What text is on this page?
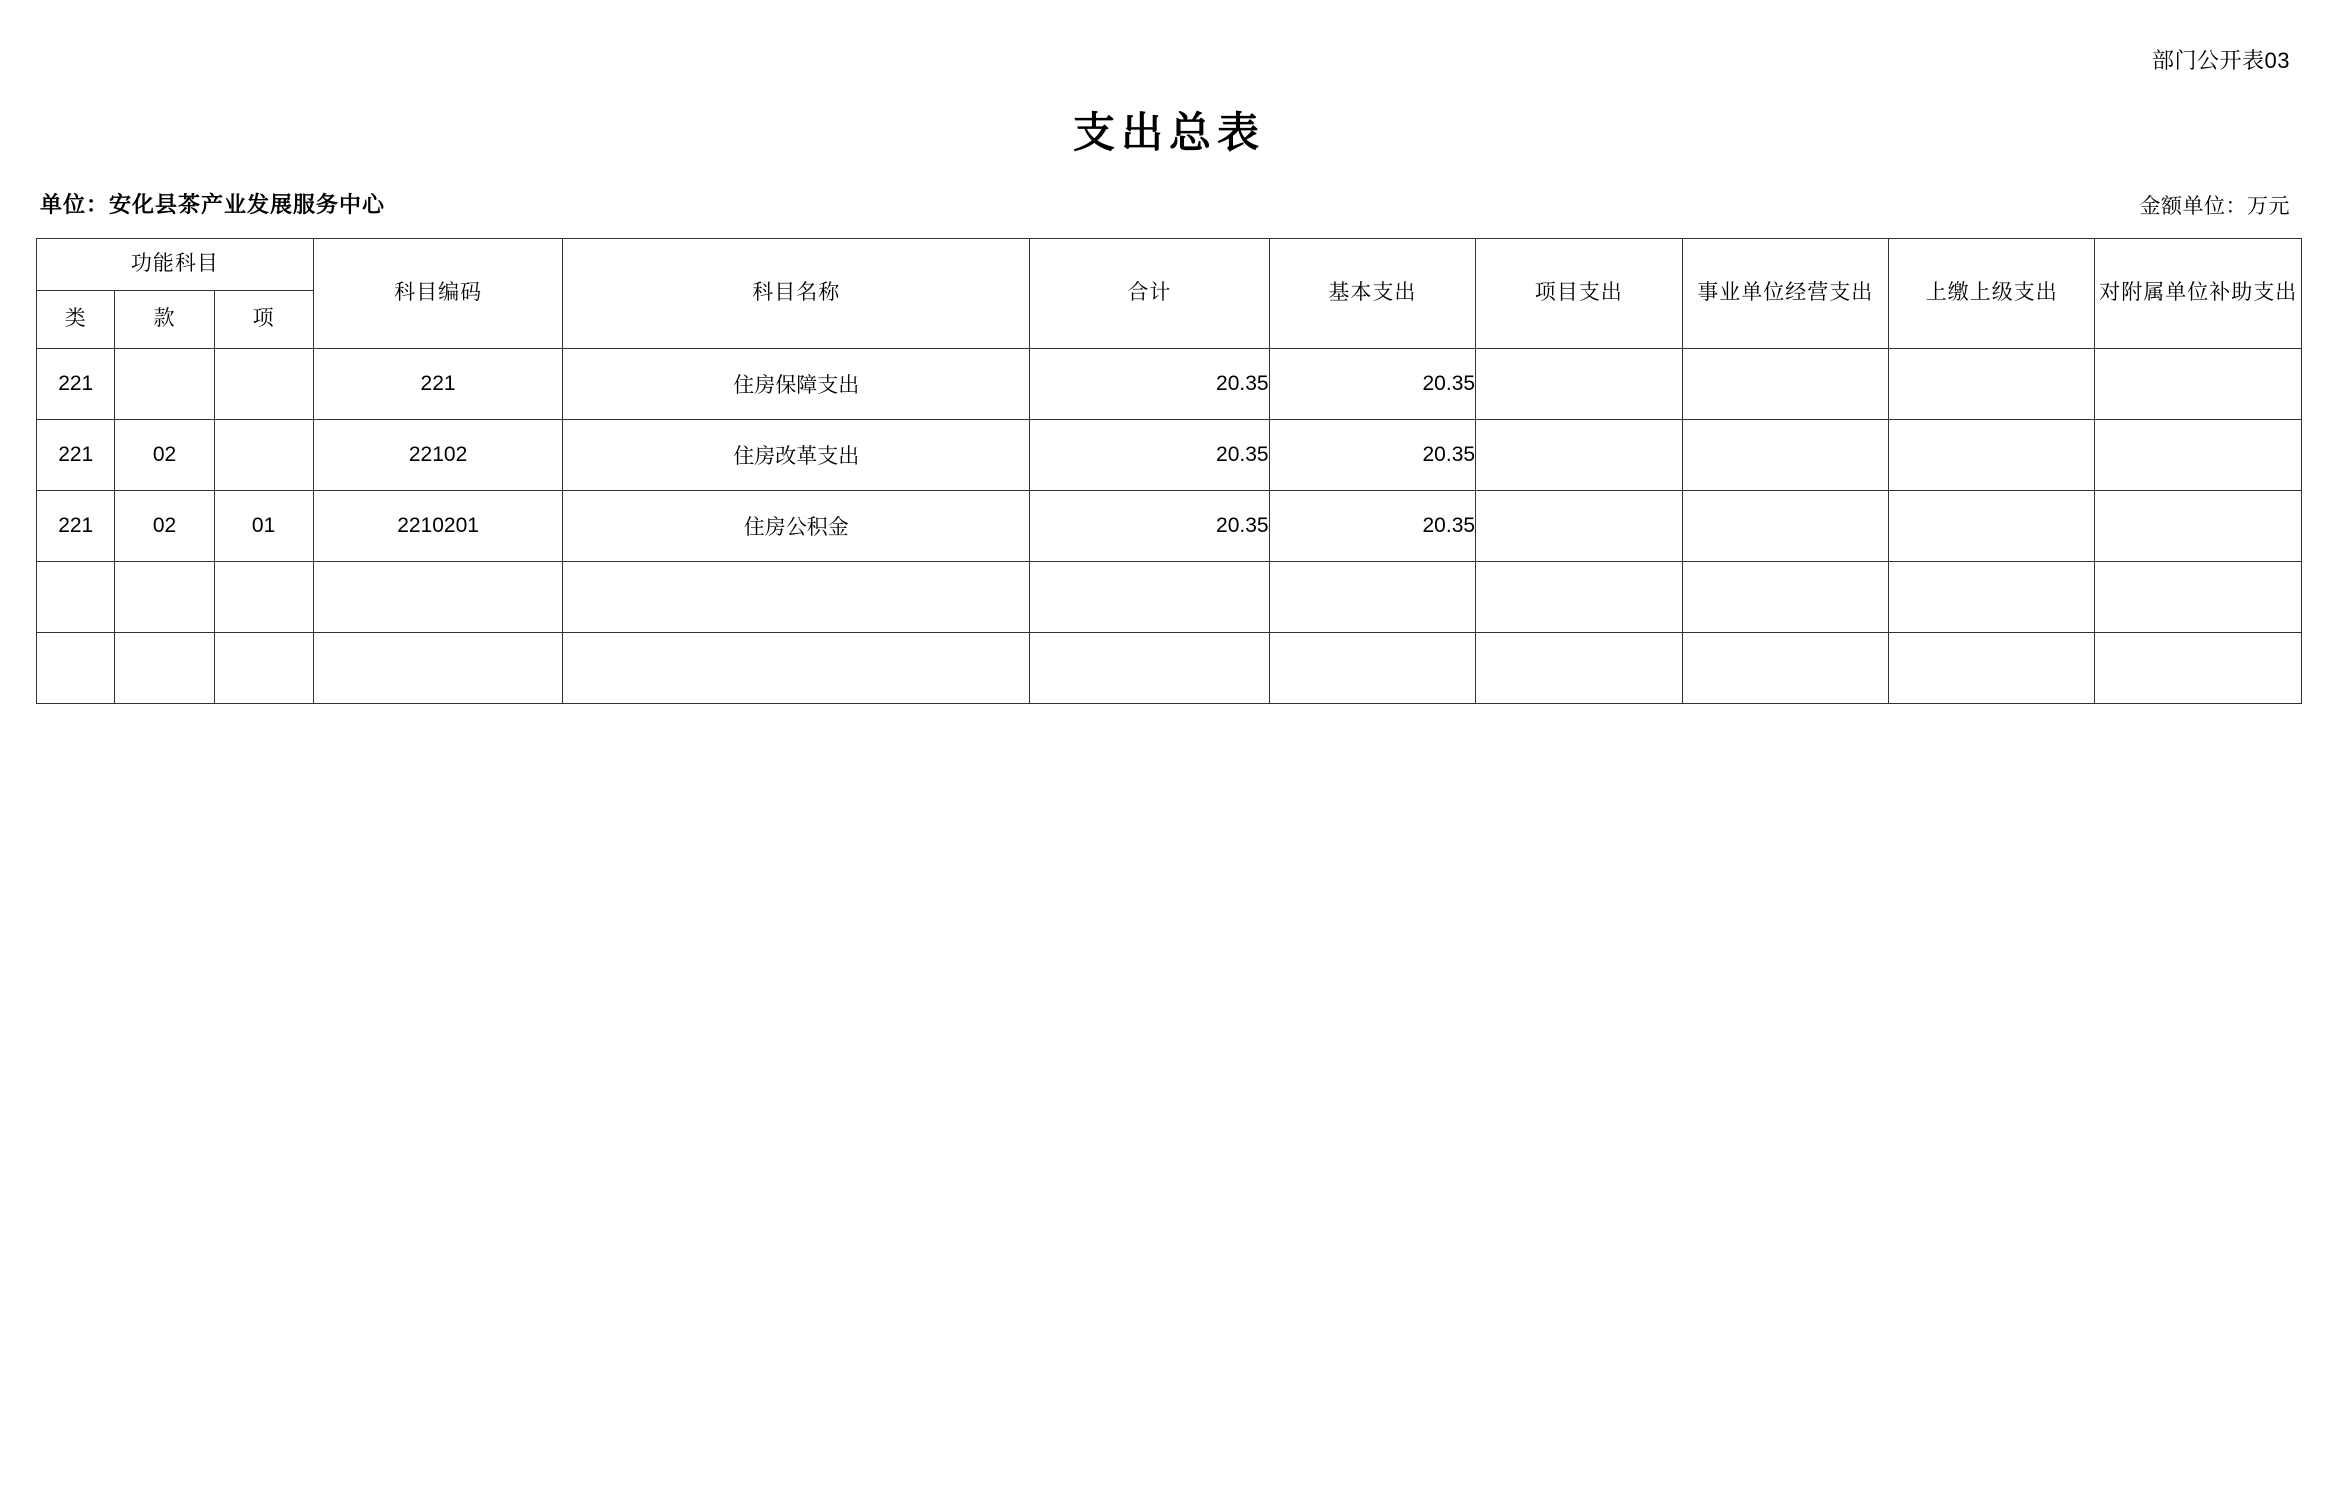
部门公开表03
支出总表
单位：安化县茶产业发展服务中心	金额单位：万元
功能科目			科目编码	科目名称	合计	基本支出	项目支出	事业单位经营支出	上缴上级支出	对附属单位补助支出
类	款	项								
221			221	住房保障支出	20.35	20.35				
221	02		22102	住房改革支出	20.35	20.35				
221	02	01	2210201	住房公积金	20.35	20.35				
